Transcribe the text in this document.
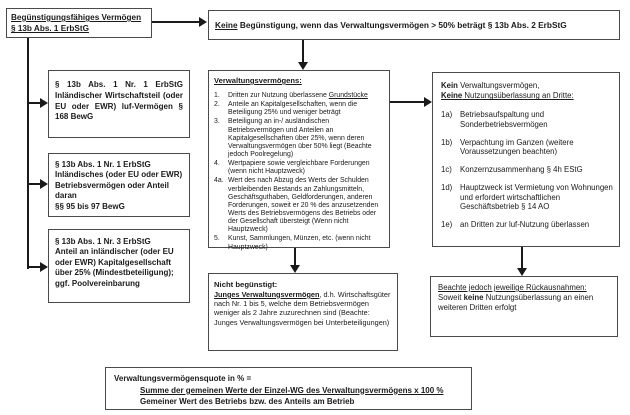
Begünstigungsfähiges Vermögen
§ 13b Abs. 1 ErbStG	Keine Begünstigung, wenn das Verwaltungsvermögen > 50% beträgt § 13b Abs. 2 ErbStG
§ 13b Abs. 1 Nr. 1 ErbStG Inländischer Wirtschaftsteil (oder EU oder EWR) luf-Vermögen § 168 BewG
§ 13b Abs. 1 Nr. 1 ErbStG
Inländisches (oder EU oder EWR) Betriebsvermögen oder Anteil daran
§§ 95 bis 97 BewG
§ 13b Abs. 1 Nr. 3 ErbStG
Anteil an inländischer (oder EU oder EWR) Kapitalgesellschaft über 25% (Mindestbeteiligung); ggf. Poolvereinbarung
Verwaltungsvermögens:
1.	Dritten zur Nutzung überlassene Grundstücke
2.	Anteile an Kapitalgesellschaften, wenn die Beteiligung 25% und weniger beträgt
3.	Beteiligung an in-/ ausländischen Betriebsvermögen und Anteilen an Kapitalgesellschaften über 25%, wenn deren Verwaltungsvermögen über 50% liegt (Beachte jedoch Poolregelung)
4.	Wertpapiere sowie vergleichbare Forderungen (wenn nicht Hauptzweck)
4a. Wert des nach Abzug des Werts der Schulden verbleibenden Bestands an Zahlungsmitteln, Geschäftsguthaben, Geldforderungen, anderen Forderungen, soweit er 20 % des anzusetzenden Werts des Betriebsvermögens des Betriebs oder der Gesellschaft übersteigt (Wenn nicht Hauptzweck)
5.	Kunst, Sammlungen, Münzen, etc. (wenn nicht Hauptzweck)
Kein Verwaltungsvermögen,
Keine Nutzungsüberlassung an Dritte:
1a) Betriebsaufspaltung und Sonderbetriebsvermögen
1b) Verpachtung im Ganzen (weitere Voraussetzungen beachten)
1c)	Konzernzusammenhang § 4h EStG
1d) Hauptzweck ist Vermietung von Wohnungen und erfordert wirtschaftlichen Geschäftsbetrieb § 14 AO
1e) an Dritten zur luf-Nutzung überlassen
Nicht begünstigt:
Junges Verwaltungsvermögen, d.h. Wirtschaftsgüter nach Nr. 1 bis 5, welche dem Betriebsvermögen weniger als 2 Jahre zuzurechnen sind (Beachte: Junges Verwaltungsvermögen bei Unterbeteiligungen)
Beachte jedoch jeweilige Rückausnahmen:
Soweit keine Nutzungsüberlassung an einen weiteren Dritten erfolgt
Verwaltungsvermögensquote in % =
Summe der gemeinen Werte der Einzel-WG des Verwaltungsvermögens x 100 %
Gemeiner Wert des Betriebs bzw. des Anteils am Betrieb
